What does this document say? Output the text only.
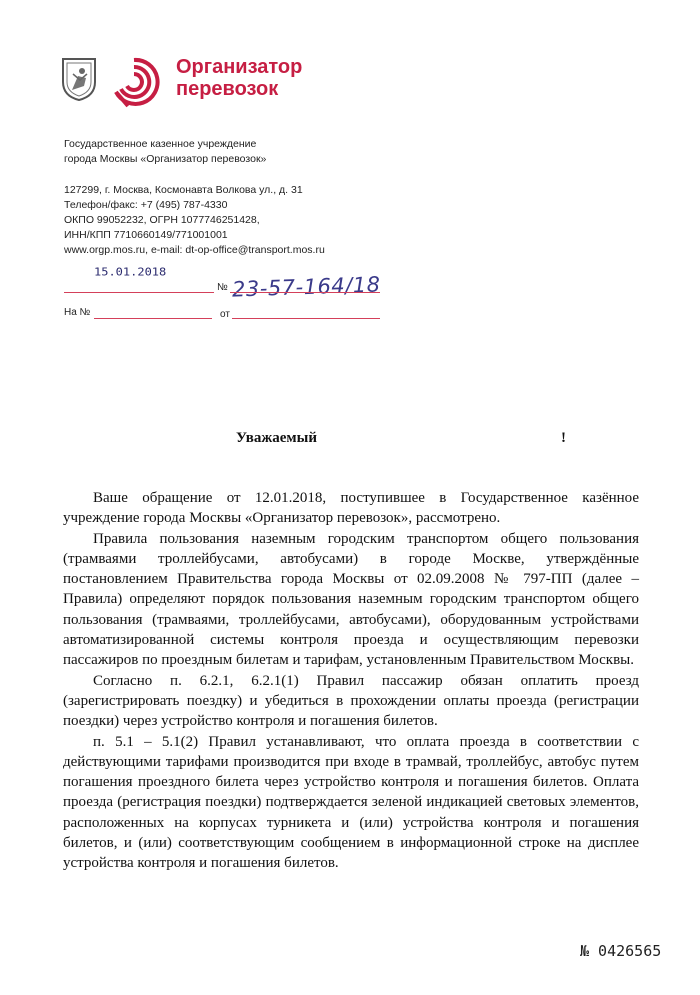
Организатор
перевозок
Государственное казенное учреждение
города Москвы «Организатор перевозок»
127299, г. Москва, Космонавта Волкова ул., д. 31
Телефон/факс: +7 (495) 787-4330
ОКПО 99052232, ОГРН 1077746251428,
ИНН/КПП 7710660149/771001001
www.orgp.mos.ru, e-mail: dt-op-office@transport.mos.ru
15.01.2018
№ 23-57-164/18
На №	от
Уважаемый	!

Ваше обращение от 12.01.2018, поступившее в Государственное казённое учреждение города Москвы «Организатор перевозок», рассмотрено.

Правила пользования наземным городским транспортом общего пользования (трамваями троллейбусами, автобусами) в городе Москве, утверждённые постановлением Правительства города Москвы от 02.09.2008 № 797-ПП (далее – Правила) определяют порядок пользования наземным городским транспортом общего пользования (трамваями, троллейбусами, автобусами), оборудованным устройствами автоматизированной системы контроля проезда и осуществляющим перевозки пассажиров по проездным билетам и тарифам, установленным Правительством Москвы.

Согласно п. 6.2.1, 6.2.1(1) Правил пассажир обязан оплатить проезд (зарегистрировать поездку) и убедиться в прохождении оплаты проезда (регистрации поездки) через устройство контроля и погашения билетов.

п. 5.1 – 5.1(2) Правил устанавливают, что оплата проезда в соответствии с действующими тарифами производится при входе в трамвай, троллейбус, автобус путем погашения проездного билета через устройство контроля и погашения билетов. Оплата проезда (регистрация поездки) подтверждается зеленой индикацией световых элементов, расположенных на корпусах турникета и (или) устройства контроля и погашения билетов, и (или) соответствующим сообщением в информационной строке на дисплее устройства контроля и погашения билетов.

№ 0426565
